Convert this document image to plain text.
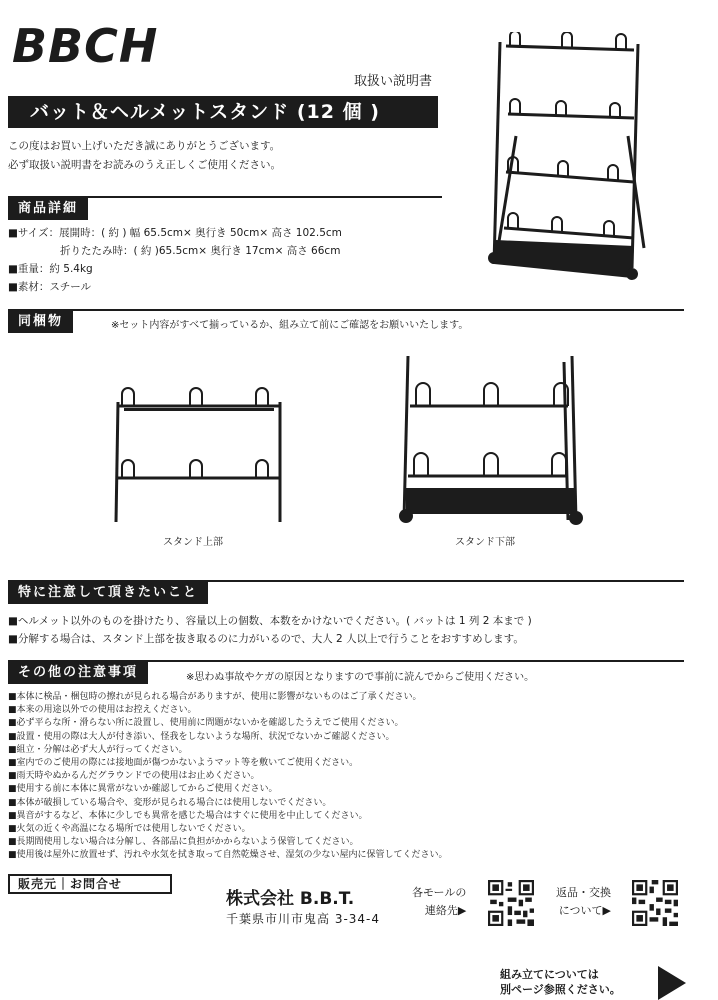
BBCH
取扱い説明書
バット＆ヘルメットスタンド (12 個 )
この度はお買い上げいただき誠にありがとうございます。
必ず取扱い説明書をお読みのうえ正しくご使用ください。
商品詳細
■サイズ：展開時：( 約 ) 幅 65.5cm× 奥行き 50cm× 高さ 102.5cm
折りたたみ時：( 約 )65.5cm× 奥行き 17cm× 高さ 66cm
■重量：約 5.4kg
■素材：スチール
同梱物	※セット内容がすべて揃っているか、組み立て前にご確認をお願いいたします。
スタンド上部	スタンド下部
特に注意して頂きたいこと
■ヘルメット以外のものを掛けたり、容量以上の個数、本数をかけないでください。( バットは 1 列 2 本まで )
■分解する場合は、スタンド上部を抜き取るのに力がいるので、大人 2 人以上で行うことをおすすめします。
その他の注意事項	※思わぬ事故やケガの原因となりますので事前に読んでからご使用ください。
■本体に検品・梱包時の擦れが見られる場合がありますが、使用に影響がないものはご了承ください。
■本来の用途以外での使用はお控えください。
■必ず平らな所・滑らない所に設置し、使用前に問題がないかを確認したうえでご使用ください。
■設置・使用の際は大人が付き添い、怪我をしないような場所、状況でないかご確認ください。
■組立・分解は必ず大人が行ってください。
■室内でのご使用の際には接地面が傷つかないようマット等を敷いてご使用ください。
■雨天時やぬかるんだグラウンドでの使用はお止めください。
■使用する前に本体に異常がないか確認してからご使用ください。
■本体が破損している場合や、変形が見られる場合には使用しないでください。
■異音がするなど、本体に少しでも異常を感じた場合はすぐに使用を中止してください。
■火気の近くや高温になる場所では使用しないでください。
■長期間使用しない場合は分解し、各部品に負担がかからないよう保管してください。
■使用後は屋外に放置せず、汚れや水気を拭き取って自然乾燥させ、湿気の少ない屋内に保管してください。
販売元｜お問合せ
株式会社 B.B.T.
千葉県市川市鬼高 3-34-4
各モールの
連絡先▶
返品・交換
について▶
組み立てについては
別ページ参照ください。
